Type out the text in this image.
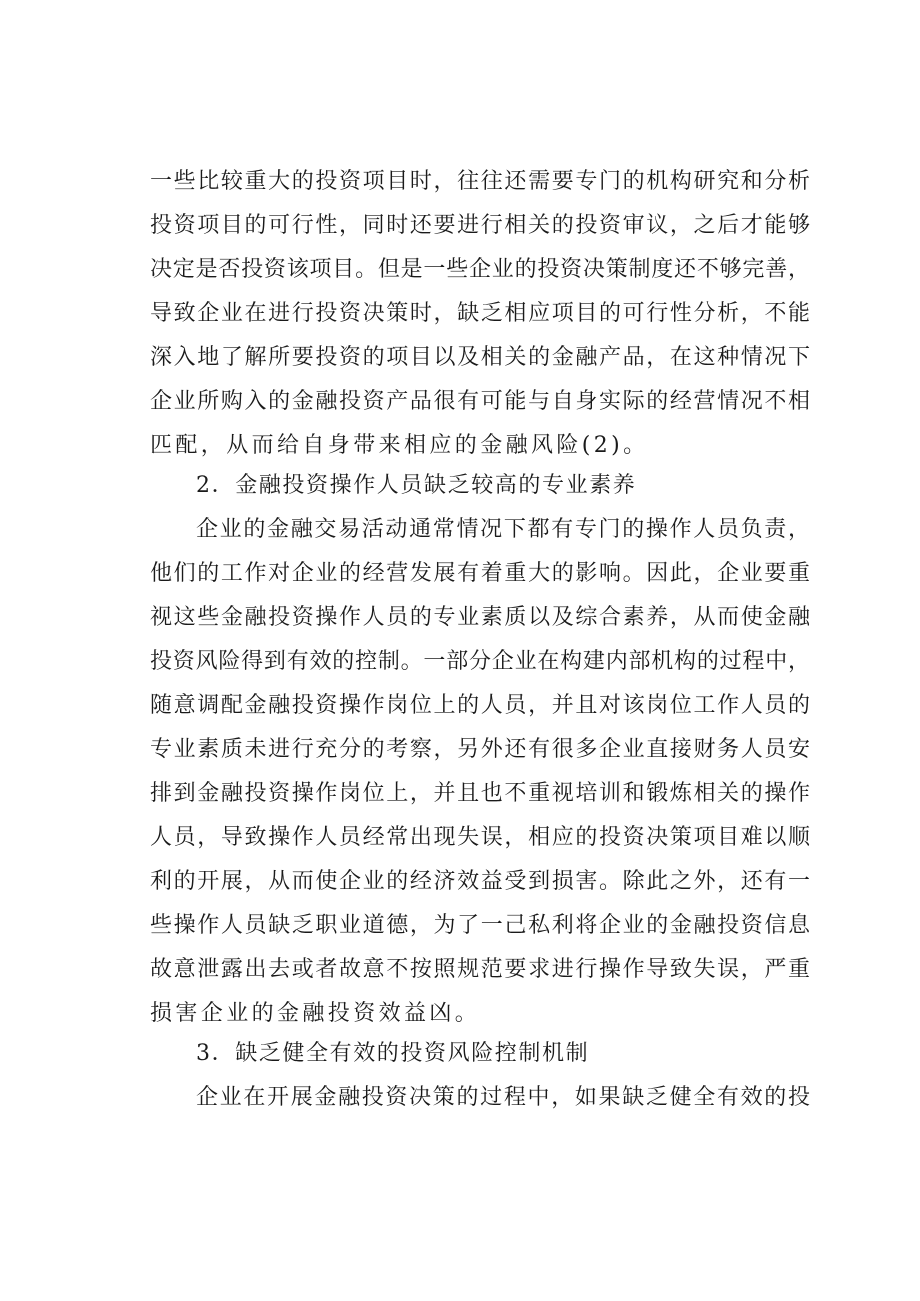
一些比较重大的投资项目时，往往还需要专门的机构研究和分析
投资项目的可行性，同时还要进行相关的投资审议，之后才能够
决定是否投资该项目。但是一些企业的投资决策制度还不够完善，
导致企业在进行投资决策时，缺乏相应项目的可行性分析，不能
深入地了解所要投资的项目以及相关的金融产品，在这种情况下
企业所购入的金融投资产品很有可能与自身实际的经营情况不相
匹配，从而给自身带来相应的金融风险(2)。
2．金融投资操作人员缺乏较高的专业素养
企业的金融交易活动通常情况下都有专门的操作人员负责，
他们的工作对企业的经营发展有着重大的影响。因此，企业要重
视这些金融投资操作人员的专业素质以及综合素养，从而使金融
投资风险得到有效的控制。一部分企业在构建内部机构的过程中，
随意调配金融投资操作岗位上的人员，并且对该岗位工作人员的
专业素质未进行充分的考察，另外还有很多企业直接财务人员安
排到金融投资操作岗位上，并且也不重视培训和锻炼相关的操作
人员，导致操作人员经常出现失误，相应的投资决策项目难以顺
利的开展，从而使企业的经济效益受到损害。除此之外，还有一
些操作人员缺乏职业道德，为了一己私利将企业的金融投资信息
故意泄露出去或者故意不按照规范要求进行操作导致失误，严重
损害企业的金融投资效益凶。
3．缺乏健全有效的投资风险控制机制
企业在开展金融投资决策的过程中，如果缺乏健全有效的投
